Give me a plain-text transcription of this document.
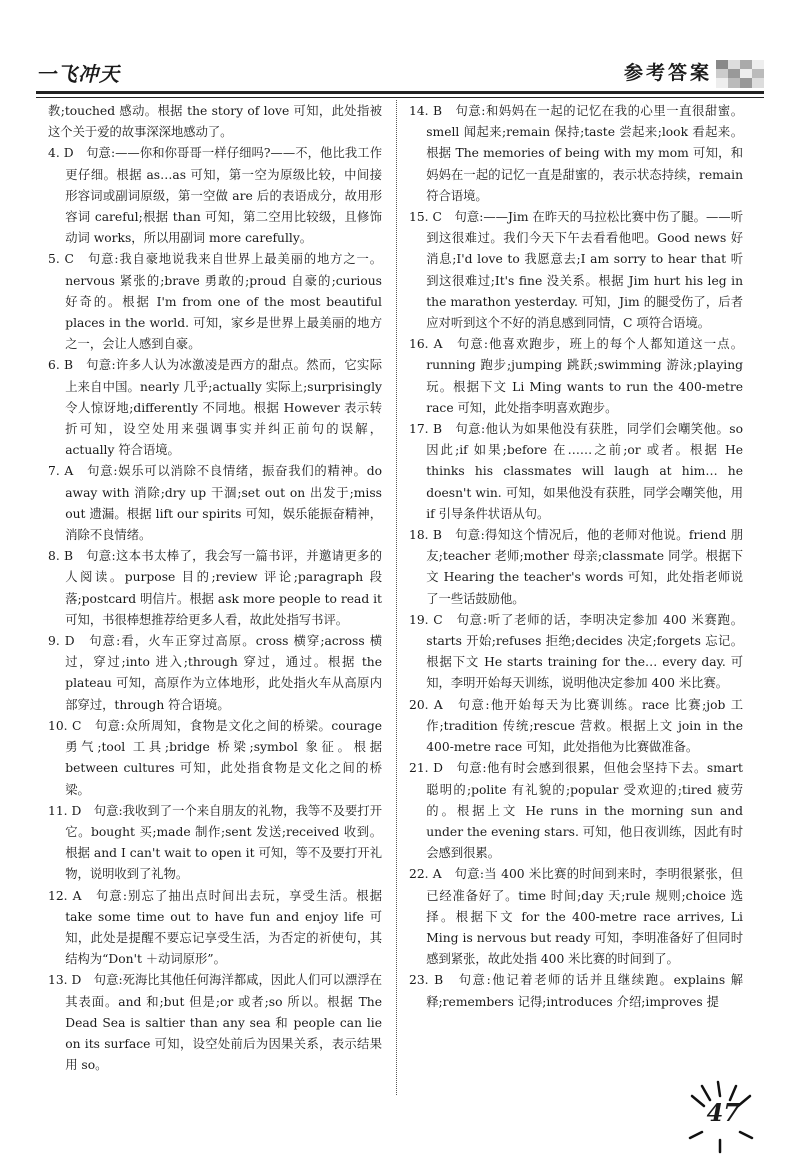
一飞冲天	参考答案

教;touched 感动。根据 the story of love 可知，此处指被这个关于爱的故事深深地感动了。

4. D　句意:——你和你哥哥一样仔细吗?——不，他比我工作更仔细。根据 as…as 可知，第一空为原级比较，中间接形容词或副词原级，第一空做 are 后的表语成分，故用形容词 careful;根据 than 可知，第二空用比较级，且修饰动词 works，所以用副词 more carefully。

5. C　句意:我自豪地说我来自世界上最美丽的地方之一。nervous 紧张的;brave 勇敢的;proud 自豪的;curious 好奇的。根据 I'm from one of the most beautiful places in the world. 可知，家乡是世界上最美丽的地方之一，会让人感到自豪。

6. B　句意:许多人认为冰激凌是西方的甜点。然而，它实际上来自中国。nearly 几乎;actually 实际上;surprisingly 令人惊讶地;differently 不同地。根据 However 表示转折可知，设空处用来强调事实并纠正前句的误解，actually 符合语境。

7. A　句意:娱乐可以消除不良情绪，振奋我们的精神。do away with 消除;dry up 干涸;set out on 出发于;miss out 遗漏。根据 lift our spirits 可知，娱乐能振奋精神，消除不良情绪。

8. B　句意:这本书太棒了，我会写一篇书评，并邀请更多的人阅读。purpose 目的;review 评论;paragraph 段落;postcard 明信片。根据 ask more people to read it 可知，书很棒想推荐给更多人看，故此处指写书评。

9. D　句意:看，火车正穿过高原。cross 横穿;across 横过，穿过;into 进入;through 穿过，通过。根据 the plateau 可知，高原作为立体地形，此处指火车从高原内部穿过，through 符合语境。

10. C　句意:众所周知，食物是文化之间的桥梁。courage 勇气;tool 工具;bridge 桥梁;symbol 象征。根据 between cultures 可知，此处指食物是文化之间的桥梁。

11. D　句意:我收到了一个来自朋友的礼物，我等不及要打开它。bought 买;made 制作;sent 发送;received 收到。根据 and I can't wait to open it 可知，等不及要打开礼物，说明收到了礼物。

12. A　句意:别忘了抽出点时间出去玩，享受生活。根据 take some time out to have fun and enjoy life 可知，此处是提醒不要忘记享受生活，为否定的祈使句，其结构为“Don't ＋动词原形”。

13. D　句意:死海比其他任何海洋都咸，因此人们可以漂浮在其表面。and 和;but 但是;or 或者;so 所以。根据 The Dead Sea is saltier than any sea 和 people can lie on its surface 可知，设空处前后为因果关系，表示结果用 so。

14. B　句意:和妈妈在一起的记忆在我的心里一直很甜蜜。smell 闻起来;remain 保持;taste 尝起来;look 看起来。根据 The memories of being with my mom 可知，和妈妈在一起的记忆一直是甜蜜的，表示状态持续，remain 符合语境。

15. C　句意:——Jim 在昨天的马拉松比赛中伤了腿。——听到这很难过。我们今天下午去看看他吧。Good news 好消息;I'd love to 我愿意去;I am sorry to hear that 听到这很难过;It's fine 没关系。根据 Jim hurt his leg in the marathon yesterday. 可知，Jim 的腿受伤了，后者应对听到这个不好的消息感到同情，C 项符合语境。

16. A　句意:他喜欢跑步，班上的每个人都知道这一点。running 跑步;jumping 跳跃;swimming 游泳;playing 玩。根据下文 Li Ming wants to run the 400-metre race 可知，此处指李明喜欢跑步。

17. B　句意:他认为如果他没有获胜，同学们会嘲笑他。so 因此;if 如果;before 在……之前;or 或者。根据 He thinks his classmates will laugh at him… he doesn't win. 可知，如果他没有获胜，同学会嘲笑他，用 if 引导条件状语从句。

18. B　句意:得知这个情况后，他的老师对他说。friend 朋友;teacher 老师;mother 母亲;classmate 同学。根据下文 Hearing the teacher's words 可知，此处指老师说了一些话鼓励他。

19. C　句意:听了老师的话，李明决定参加 400 米赛跑。starts 开始;refuses 拒绝;decides 决定;forgets 忘记。根据下文 He starts training for the… every day. 可知，李明开始每天训练，说明他决定参加 400 米比赛。

20. A　句意:他开始每天为比赛训练。race 比赛;job 工作;tradition 传统;rescue 营救。根据上文 join in the 400-metre race 可知，此处指他为比赛做准备。

21. D　句意:他有时会感到很累，但他会坚持下去。smart 聪明的;polite 有礼貌的;popular 受欢迎的;tired 疲劳的。根据上文 He runs in the morning sun and under the evening stars. 可知，他日夜训练，因此有时会感到很累。

22. A　句意:当 400 米比赛的时间到来时，李明很紧张，但已经准备好了。time 时间;day 天;rule 规则;choice 选择。根据下文 for the 400-metre race arrives, Li Ming is nervous but ready 可知，李明准备好了但同时感到紧张，故此处指 400 米比赛的时间到了。

23. B　句意:他记着老师的话并且继续跑。explains 解释;remembers 记得;introduces 介绍;improves 提

47
